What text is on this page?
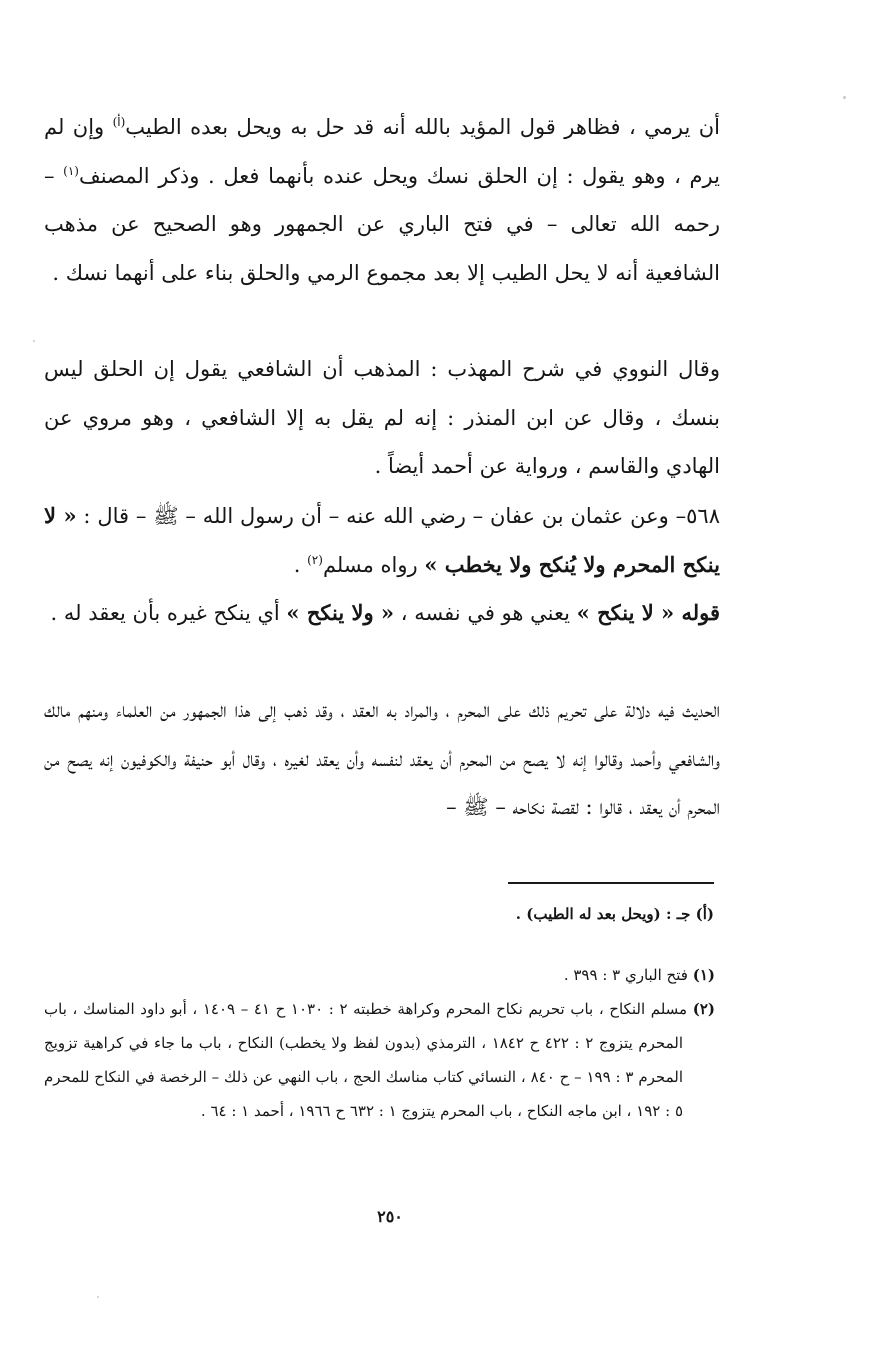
أن يرمي ، فظاهر قول المؤيد بالله أنه قد حل به ويحل بعده الطيب$^{(أ)}$ وإن لم يرم ، وهو يقول : إن الحلق نسك ويحل عنده بأنهما فعل . وذكر المصنف$^{(١)}$ – رحمه الله تعالى – في فتح الباري عن الجمهور وهو الصحيح عن مذهب الشافعية أنه لا يحل الطيب إلا بعد مجموع الرمي والحلق بناء على أنهما نسك .

وقال النووي في شرح المهذب : المذهب أن الشافعي يقول إن الحلق ليس بنسك ، وقال عن ابن المنذر : إنه لم يقل به إلا الشافعي ، وهو مروي عن الهادي والقاسم ، ورواية عن أحمد أيضاً .

٥٦٨– وعن عثمان بن عفان – رضي الله عنه – أن رسول الله – ﷺ – قال : « لا ينكح المحرم ولا يُنكح ولا يخطب » رواه مسلم$^{(٢)}$ .

قوله « لا ينكح » يعني هو في نفسه ، « ولا ينكح » أي ينكح غيره بأن يعقد له .

الحديث فيه دلالة على تحريم ذلك على المحرم ، والمراد به العقد ، وقد ذهب إلى هذا الجمهور من العلماء ومنهم مالك والشافعي وأحمد وقالوا إنه لا يصح من المحرم أن يعقد لنفسه وأن يعقد لغيره ، وقال أبو حنيفة والكوفيون إنه يصح من المحرم أن يعقد ، قالوا : لقصة نكاحه – ﷺ –

(أ) جـ : (ويحل بعد له الطيب) .

(١) فتح الباري ٣ : ٣٩٩ .

(٢) مسلم النكاح ، باب تحريم نكاح المحرم وكراهة خطبته ٢ : ١٠٣٠ ح ٤١ – ١٤٠٩ ، أبو داود المناسك ، باب المحرم يتزوج ٢ : ٤٢٢ ح ١٨٤٢ ، الترمذي (بدون لفظ ولا يخطب) النكاح ، باب ما جاء في كراهية تزويج المحرم ٣ : ١٩٩ – ح ٨٤٠ ، النسائي كتاب مناسك الحج ، باب النهي عن ذلك – الرخصة في النكاح للمحرم ٥ : ١٩٢ ، ابن ماجه النكاح ، باب المحرم يتزوج ١ : ٦٣٢ ح ١٩٦٦ ، أحمد ١ : ٦٤ .

٢٥٠
